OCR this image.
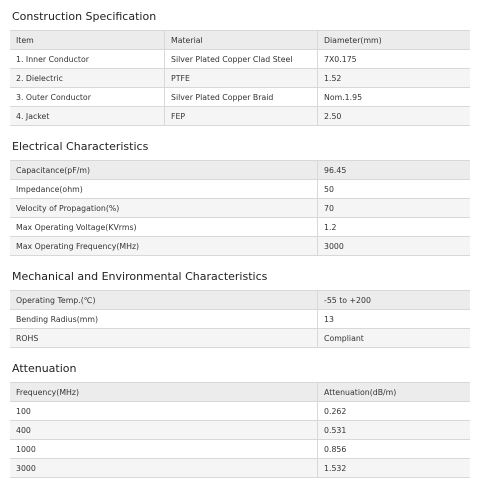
Construction Specification
Item	Material	Diameter(mm)
1. Inner Conductor	Silver Plated Copper Clad Steel	7X0.175
2. Dielectric	PTFE	1.52
3. Outer Conductor	Silver Plated Copper Braid	Nom.1.95
4. Jacket	FEP	2.50
Electrical Characteristics
Capacitance(pF/m)	96.45
Impedance(ohm)	50
Velocity of Propagation(%)	70
Max Operating Voltage(KVrms)	1.2
Max Operating Frequency(MHz)	3000
Mechanical and Environmental Characteristics
Operating Temp.(℃)	-55 to +200
Bending Radius(mm)	13
ROHS	Compliant
Attenuation
Frequency(MHz)	Attenuation(dB/m)
100	0.262
400	0.531
1000	0.856
3000	1.532
